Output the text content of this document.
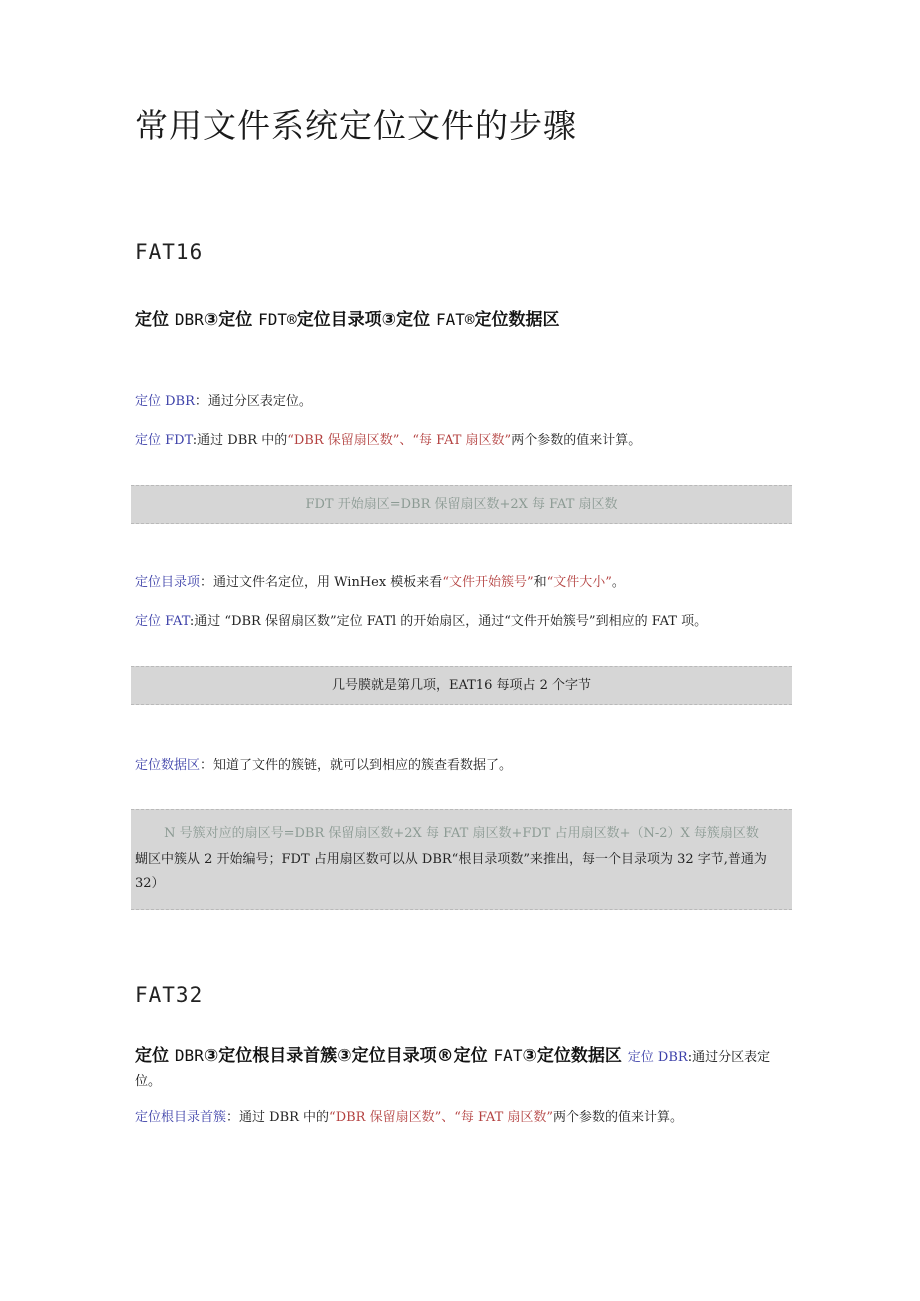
常用文件系统定位文件的步骤
FAT16
定位 DBR③定位 FDT®定位目录项③定位 FAT®定位数据区
定位 DBR：通过分区表定位。
定位 FDT:通过 DBR 中的“DBR 保留扇区数”、“每 FAT 扇区数”两个参数的值来计算。
FDT 开始扇区=DBR 保留扇区数+2X 每 FAT 扇区数
定位目录项：通过文件名定位，用 WinHex 模板来看“文件开始簇号”和“文件大小”。
定位 FAT:通过 “DBR 保留扇区数”定位 FATl 的开始扇区，通过“文件开始簇号”到相应的 FAT 项。
几号膜就是第几项，EAT16 每项占 2 个字节
定位数据区：知道了文件的簇链，就可以到相应的簇查看数据了。
N 号簇对应的扇区号=DBR 保留扇区数+2X 每 FAT 扇区数+FDT 占用扇区数+（N-2）X 每簇扇区数
蝴区中簇从 2 开始编号；FDT 占用扇区数可以从 DBR“根目录项数”来推出，每一个目录项为 32 字节,普通为 32）
FAT32
定位 DBR③定位根目录首簇③定位目录项®定位 FAT③定位数据区 定位 DBR:通过分区表定位。
定位根目录首簇：通过 DBR 中的“DBR 保留扇区数”、“每 FAT 扇区数”两个参数的值来计算。
